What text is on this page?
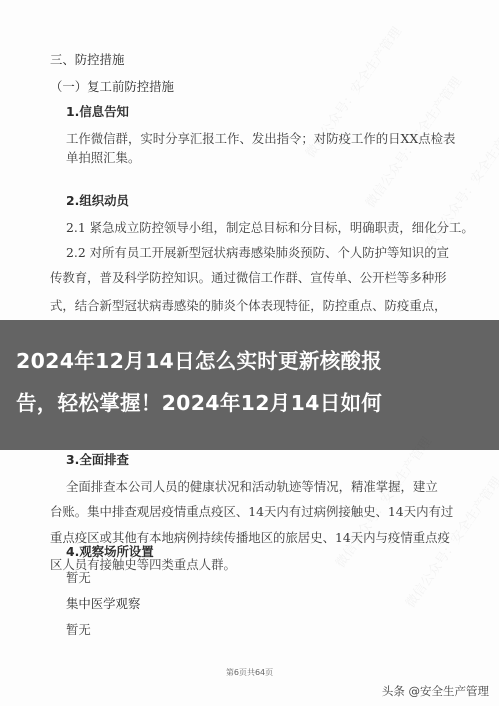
三、防控措施
（一）复工前防控措施
1.信息告知
工作微信群，实时分享汇报工作、发出指令；对防疫工作的日XX点检表
单拍照汇集。
2.组织动员
2.1 紧急成立防控领导小组，制定总目标和分目标，明确职责，细化分工。
2.2 对所有员工开展新型冠状病毒感染肺炎预防、个人防护等知识的宣
传教育，普及科学防控知识。通过微信工作群、宣传单、公开栏等多种形
式，结合新型冠状病毒感染的肺炎个体表现特征，防控重点、防疫重点，
3.全面排查
全面排查本公司人员的健康状况和活动轨迹等情况，精准掌握，建立
台账。集中排查观居疫情重点疫区、14天内有过病例接触史、14天内有过
重点疫区或其他有本地病例持续传播地区的旅居史、14天内与疫情重点疫
区人员有接触史等四类重点人群。
4.观察场所设置
暂无
集中医学观察
暂无
第6页共64页
2024年12月14日怎么实时更新核酸报
告，轻松掌握！2024年12月14日如何
头条 @安全生产管理
